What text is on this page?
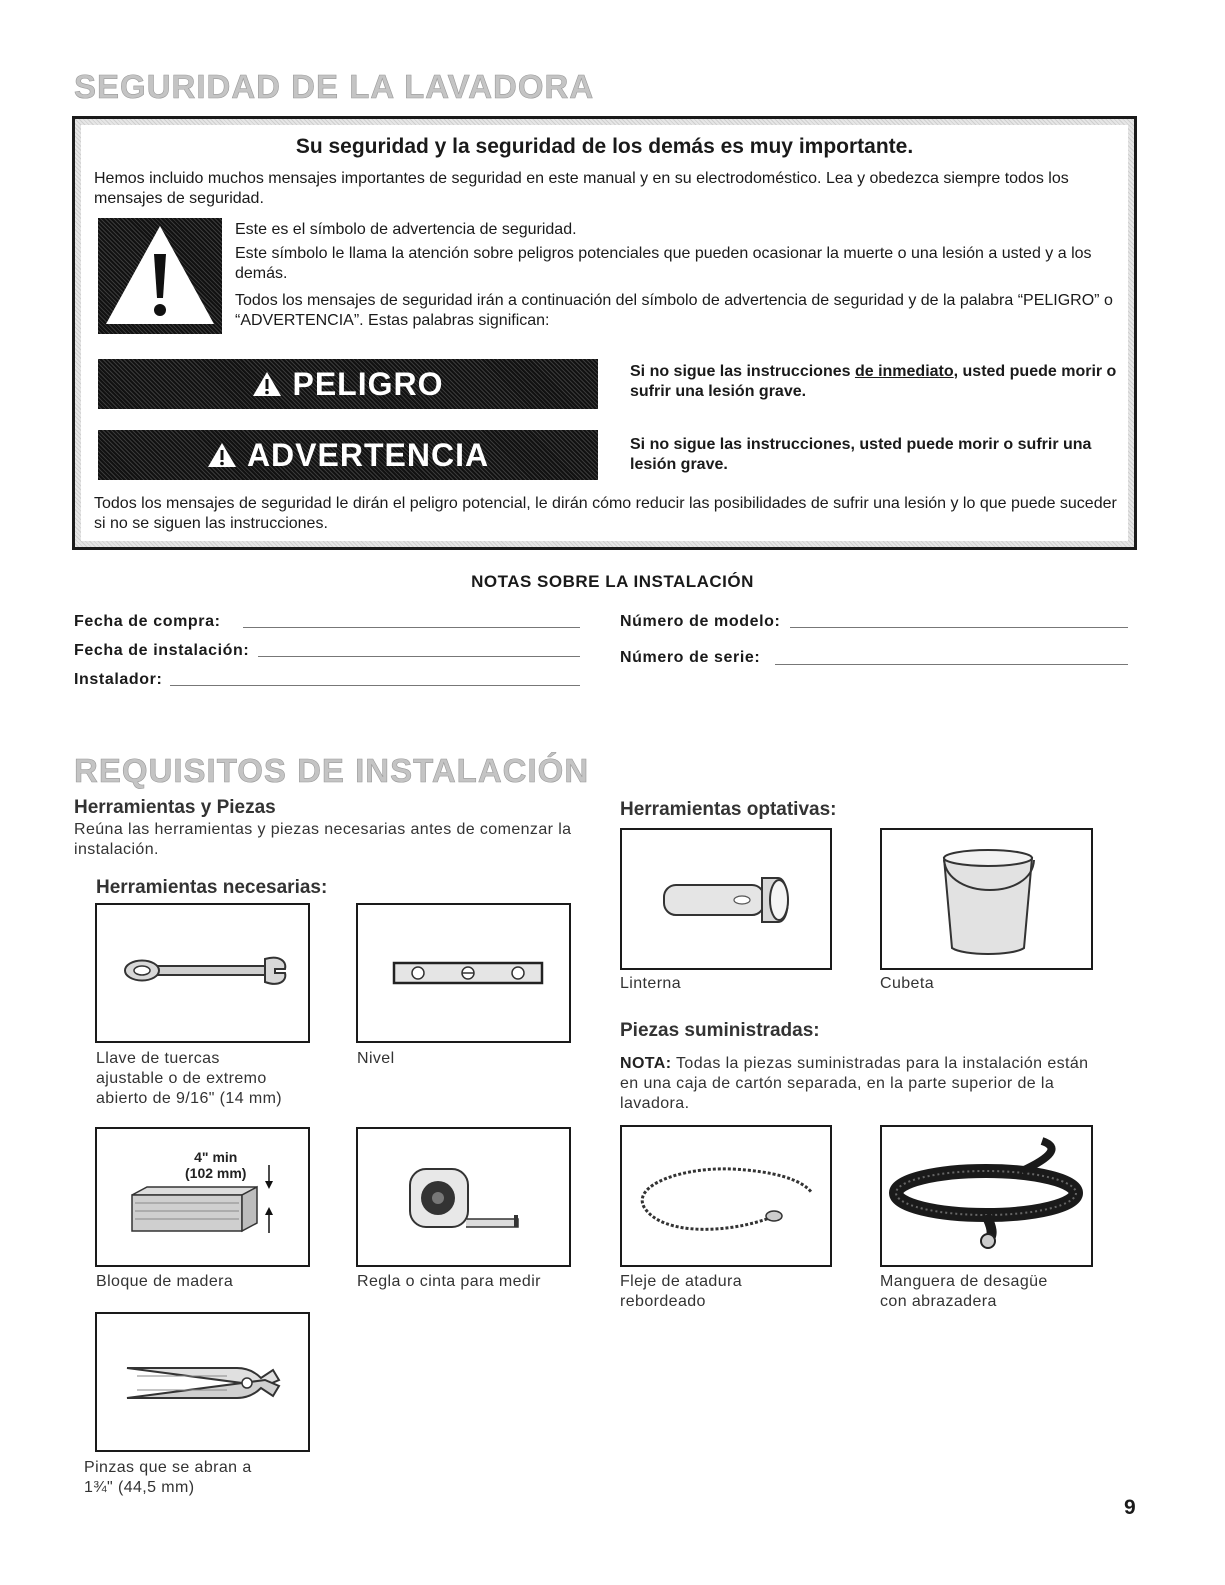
SEGURIDAD DE LA LAVADORA
Su seguridad y la seguridad de los demás es muy importante.
Hemos incluido muchos mensajes importantes de seguridad en este manual y en su electrodoméstico. Lea y obedezca siempre todos los mensajes de seguridad.
Este es el símbolo de advertencia de seguridad.
Este símbolo le llama la atención sobre peligros potenciales que pueden ocasionar la muerte o una lesión a usted y a los demás.
Todos los mensajes de seguridad irán a continuación del símbolo de advertencia de seguridad y de la palabra “PELIGRO” o “ADVERTENCIA”. Estas palabras significan:
PELIGRO	Si no sigue las instrucciones de inmediato, usted puede morir o sufrir una lesión grave.
ADVERTENCIA	Si no sigue las instrucciones, usted puede morir o sufrir una lesión grave.
Todos los mensajes de seguridad le dirán el peligro potencial, le dirán cómo reducir las posibilidades de sufrir una lesión y lo que puede suceder si no se siguen las instrucciones.
NOTAS SOBRE LA INSTALACIÓN
Fecha de compra:
Fecha de instalación:
Instalador:
Número de modelo:
Número de serie:
REQUISITOS DE INSTALACIÓN
Herramientas y Piezas
Reúna las herramientas y piezas necesarias antes de comenzar la instalación.
Herramientas necesarias:
Herramientas optativas:
Llave de tuercas
ajustable o de extremo
abierto de 9/16" (14 mm)
Nivel
4" min
(102 mm)
Bloque de madera	Regla o cinta para medir
Pinzas que se abran a
1¾" (44,5 mm)
Linterna	Cubeta
Piezas suministradas:
NOTA: Todas la piezas suministradas para la instalación están en una caja de cartón separada, en la parte superior de la lavadora.
Fleje de atadura
rebordeado
Manguera de desagüe
con abrazadera
9
